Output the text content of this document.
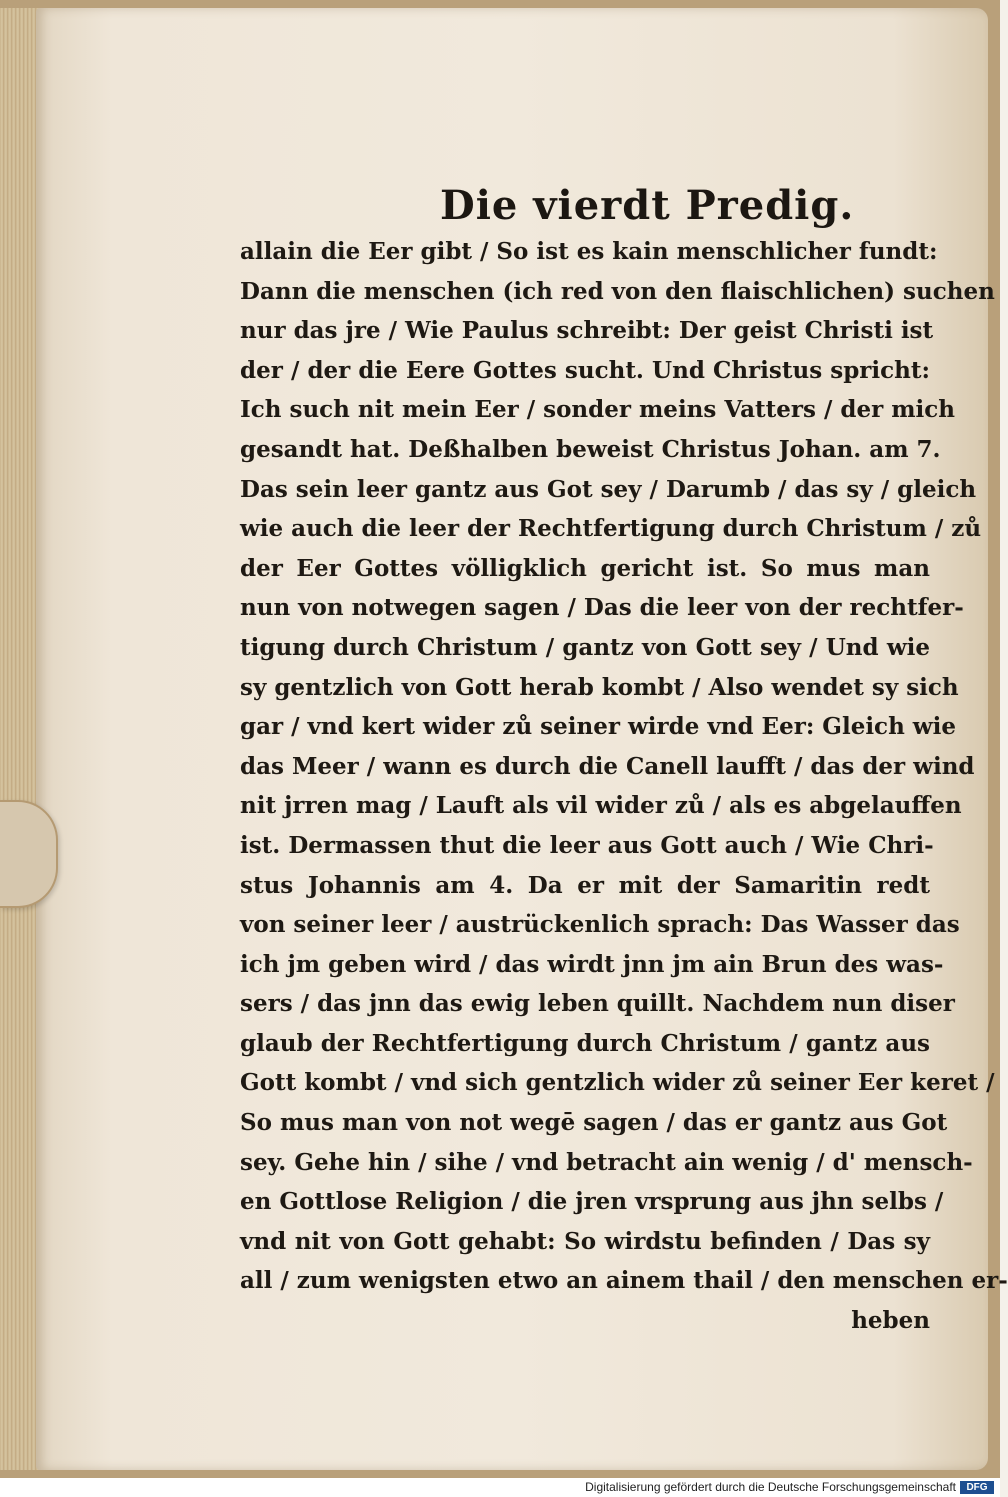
Die vierdt Predig.
allain die Eer gibt / So ist es kain menschlicher fundt:
Dann die menschen (ich red von den flaischlichen) suchen
nur das jre / Wie Paulus schreibt: Der geist Christi ist
der / der die Eere Gottes sucht. Und Christus spricht:
Ich such nit mein Eer / sonder meins Vatters / der mich
gesandt hat. Deßhalben beweist Christus Johan. am 7.
Das sein leer gantz aus Got sey / Darumb / das sy / gleich
wie auch die leer der Rechtfertigung durch Christum / zů
der Eer Gottes völligklich gericht ist. So mus man
nun von notwegen sagen / Das die leer von der rechtfer-
tigung durch Christum / gantz von Gott sey / Und wie
sy gentzlich von Gott herab kombt / Also wendet sy sich
gar / vnd kert wider zů seiner wirde vnd Eer: Gleich wie
das Meer / wann es durch die Canell laufft / das der wind
nit jrren mag / Lauft als vil wider zů / als es abgelauffen
ist. Dermassen thut die leer aus Gott auch / Wie Chri-
stus Johannis am 4. Da er mit der Samaritin redt
von seiner leer / austrückenlich sprach: Das Wasser das
ich jm geben wird / das wirdt jnn jm ain Brun des was-
sers / das jnn das ewig leben quillt. Nachdem nun diser
glaub der Rechtfertigung durch Christum / gantz aus
Gott kombt / vnd sich gentzlich wider zů seiner Eer keret /
So mus man von not wegē sagen / das er gantz aus Got
sey. Gehe hin / sihe / vnd betracht ain wenig / d' mensch-
en Gottlose Religion / die jren vrsprung aus jhn selbs /
vnd nit von Gott gehabt: So wirdstu befinden / Das sy
all / zum wenigsten etwo an ainem thail / den menschen er-
heben
Digitalisierung gefördert durch die Deutsche Forschungsgemeinschaft	DFG
